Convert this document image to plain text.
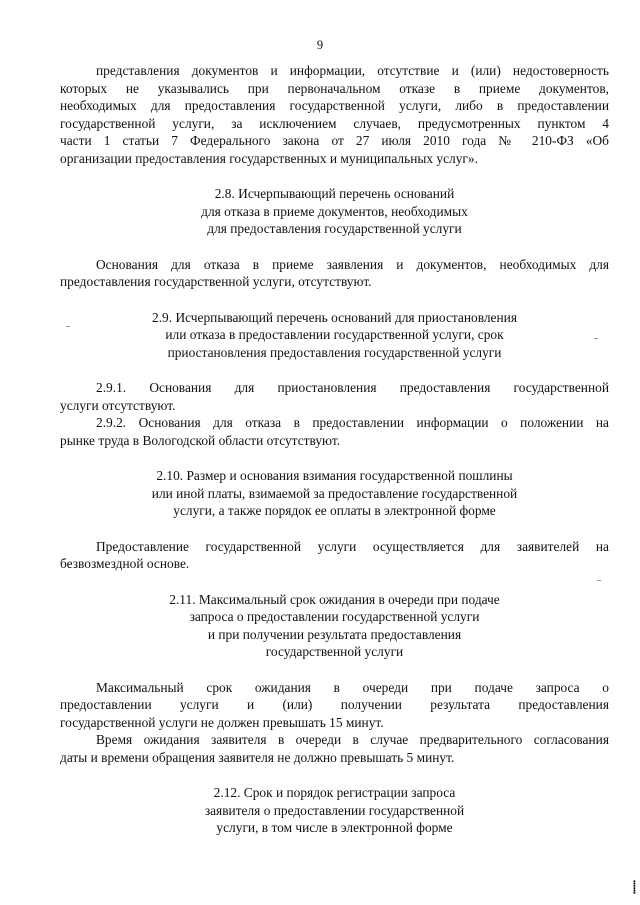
9

представления документов и информации, отсутствие и (или) недостоверность
которых не указывались при первоначальном отказе в приеме документов,
необходимых для предоставления государственной услуги, либо в предоставлении
государственной услуги, за исключением случаев, предусмотренных пунктом 4
части 1 статьи 7 Федерального закона от 27 июля 2010 года № 210-ФЗ «Об
организации предоставления государственных и муниципальных услуг».

2.8. Исчерпывающий перечень оснований
для отказа в приеме документов, необходимых
для предоставления государственной услуги

Основания для отказа в приеме заявления и документов, необходимых для
предоставления государственной услуги, отсутствуют.

2.9. Исчерпывающий перечень оснований для приостановления
или отказа в предоставлении государственной услуги, срок
приостановления предоставления государственной услуги

2.9.1. Основания для приостановления предоставления государственной
услуги отсутствуют.

2.9.2. Основания для отказа в предоставлении информации о положении на
рынке труда в Вологодской области отсутствуют.

2.10. Размер и основания взимания государственной пошлины
или иной платы, взимаемой за предоставление государственной
услуги, а также порядок ее оплаты в электронной форме

Предоставление государственной услуги осуществляется для заявителей на
безвозмездной основе.

2.11. Максимальный срок ожидания в очереди при подаче
запроса о предоставлении государственной услуги
и при получении результата предоставления
государственной услуги

Максимальный срок ожидания в очереди при подаче запроса о
предоставлении услуги и (или) получении результата предоставления
государственной услуги не должен превышать 15 минут.

Время ожидания заявителя в очереди в случае предварительного согласования
даты и времени обращения заявителя не должно превышать 5 минут.

2.12. Срок и порядок регистрации запроса
заявителя о предоставлении государственной
услуги, в том числе в электронной форме

⸽
